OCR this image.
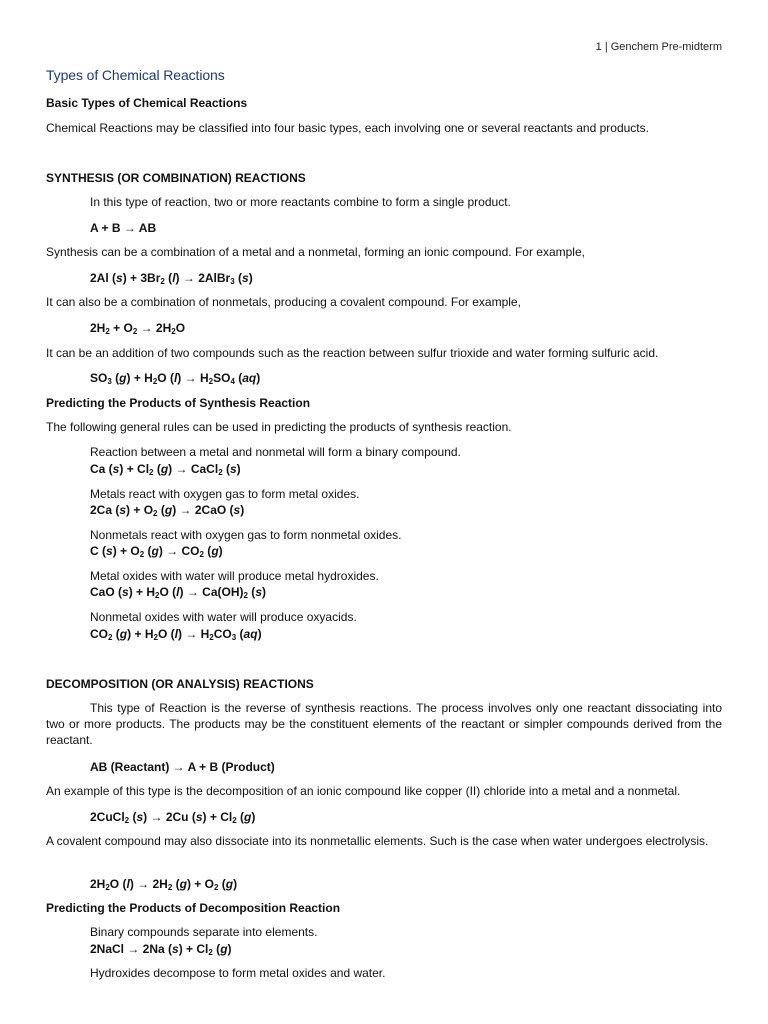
1 | Genchem Pre-midterm
Types of Chemical Reactions
Basic Types of Chemical Reactions
Chemical Reactions may be classified into four basic types, each involving one or several reactants and products.
SYNTHESIS (OR COMBINATION) REACTIONS
In this type of reaction, two or more reactants combine to form a single product.
A + B → AB
Synthesis can be a combination of a metal and a nonmetal, forming an ionic compound. For example,
2Al $(s) + 3Br_2$ (l) → 2AlBr$_3$ (s)
It can also be a combination of nonmetals, producing a covalent compound. For example,
$2H_2 + O_2 \to 2H_2O$
It can be an addition of two compounds such as the reaction between sulfur trioxide and water forming sulfuric acid.
$SO_3$ $(g) + H_2O$ $(l) \to H_2SO_4$ (aq)
Predicting the Products of Synthesis Reaction
The following general rules can be used in predicting the products of synthesis reaction.
Reaction between a metal and nonmetal will form a binary compound.
Ca $(s) + Cl_2$ (g) → CaCl$_2$ (s)
Metals react with oxygen gas to form metal oxides.
2Ca $(s) + O_2$ (g) → 2CaO (s)
Nonmetals react with oxygen gas to form nonmetal oxides.
C $(s) + O_2$ $(g) \to CO_2$ (g)
Metal oxides with water will produce metal hydroxides.
CaO $(s) + H_2O$ $(l) \to Ca(OH)_2$ (s)
Nonmetal oxides with water will produce oxyacids.
$CO_2$ $(g) + H_2O$ $(l) \to H_2CO_3$ (aq)
DECOMPOSITION (OR ANALYSIS) REACTIONS
This type of Reaction is the reverse of synthesis reactions. The process involves only one reactant dissociating into two or more products. The products may be the constituent elements of the reactant or simpler compounds derived from the reactant.
AB (Reactant) → A + B (Product)
An example of this type is the decomposition of an ionic compound like copper (II) chloride into a metal and a nonmetal.
2CuCl$_2$ (s) → 2Cu $(s) + Cl_2$ (g)
A covalent compound may also dissociate into its nonmetallic elements. Such is the case when water undergoes electrolysis.
$2H_2O$ $(l) \to 2H_2$ $(g) + O_2$ (g)
Predicting the Products of Decomposition Reaction
Binary compounds separate into elements.
2NaCl → 2Na $(s) + Cl_2$ (g)
Hydroxides decompose to form metal oxides and water.
